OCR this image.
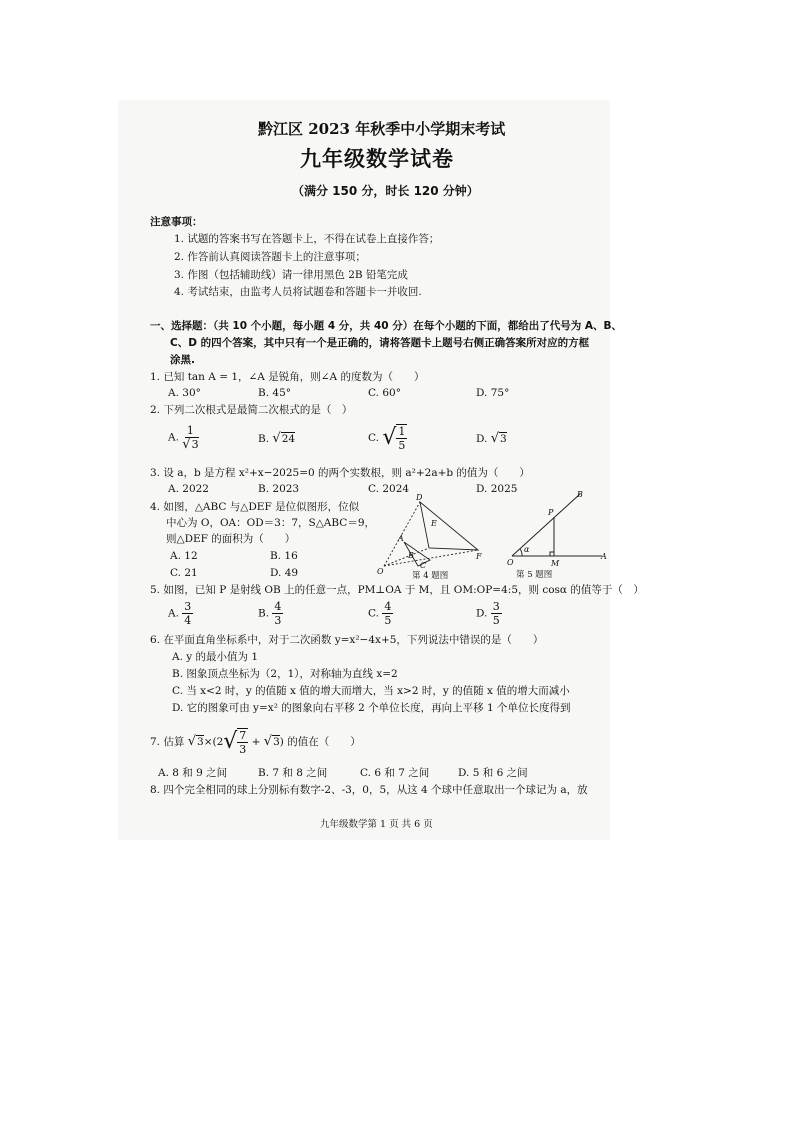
黔江区 2023 年秋季中小学期末考试
九年级数学试卷
（满分 150 分，时长 120 分钟）
注意事项：
1. 试题的答案书写在答题卡上，不得在试卷上直接作答；
2. 作答前认真阅读答题卡上的注意事项；
3. 作图（包括辅助线）请一律用黑色 2B 铅笔完成
4. 考试结束，由监考人员将试题卷和答题卡一并收回.
一、选择题：（共 10 个小题，每小题 4 分，共 40 分）在每个小题的下面，都给出了代号为 A、B、
C、D 的四个答案，其中只有一个是正确的，请将答题卡上题号右侧正确答案所对应的方框
涂黑.
1. 已知 tan A = 1，∠A 是锐角，则∠A 的度数为（　　）
A. 30°	B. 45°	C. 60°	D. 75°
2. 下列二次根式是最简二次根式的是（　）
A. $\frac{1}{√3}$	B. √24	C. √ $\frac{1}{5}$	D. √3
3. 设 a，b 是方程 x²+x−2025=0 的两个实数根，则 a²+2a+b 的值为（　　）
A. 2022	B. 2023	C. 2024	D. 2025
4. 如图，△ABC 与△DEF 是位似图形，位似
中心为 O，OA：OD＝3：7，S△ABC＝9，
则△DEF 的面积为（　　）
A. 12	B. 16
C. 21	D. 49
D
E
A
B
C
F
O	第 4 题图
B
P
α
O	M
A
第 5 题图
5. 如图，已知 P 是射线 OB 上的任意一点，PM⊥OA 于 M，且 OM:OP=4:5，则 cosα 的值等于（　）
A. $\frac{3}{4}$	B. $\frac{4}{3}$	C. $\frac{4}{5}$	D. $\frac{3}{5}$
6. 在平面直角坐标系中，对于二次函数 y=x²−4x+5，下列说法中错误的是（　　）
A. y 的最小值为 1
B. 图象顶点坐标为（2，1），对称轴为直线 x=2
C. 当 x<2 时，y 的值随 x 值的增大而增大，当 x>2 时，y 的值随 x 值的增大而减小
D. 它的图象可由 y=x² 的图象向右平移 2 个单位长度，再向上平移 1 个单位长度得到
7. 估算 $√3\times(2√ \frac{7}{3} + √3)$ 的值在（　　）
A. 8 和 9 之间	B. 7 和 8 之间	C. 6 和 7 之间	D. 5 和 6 之间
8. 四个完全相同的球上分别标有数字-2、-3，0，5，从这 4 个球中任意取出一个球记为 a，放
九年级数学第 1 页 共 6 页
